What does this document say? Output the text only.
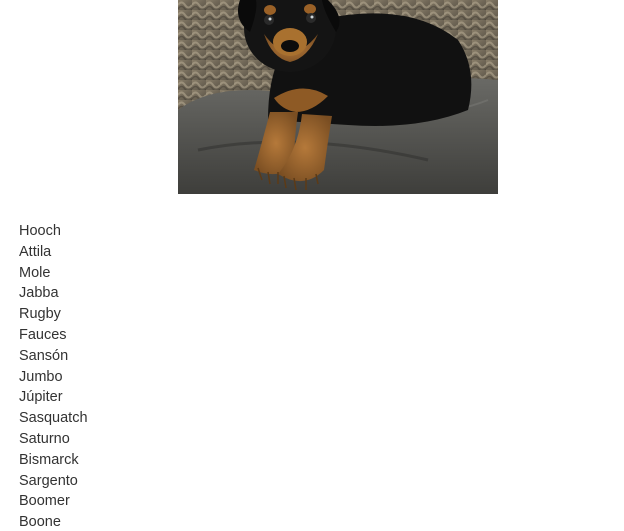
Hooch
Attila
Mole
Jabba
Rugby
Fauces
Sansón
Jumbo
Júpiter
Sasquatch
Saturno
Bismarck
Sargento
Boomer
Boone
